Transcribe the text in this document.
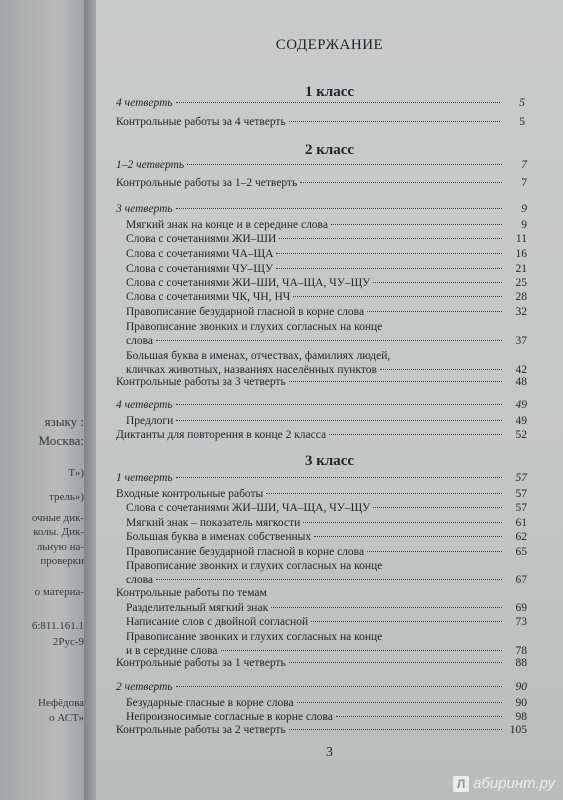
языку :
Москва:
Т»)
трель»)
очные дик-
колы. Дик-
льную на-
проверки
о материа-
6:811.161.1
2Рус-9
Нефёдова
о АСТ»
СОДЕРЖАНИЕ
1 класс
4 четверть	5
Контрольные работы за 4 четверть	5
2 класс
1–2 четверть	7
Контрольные работы за 1–2 четверть	7
3 четверть	9
Мягкий знак на конце и в середине слова	9
Слова с сочетаниями ЖИ–ШИ	11
Слова с сочетаниями ЧА–ЩА	16
Слова с сочетаниями ЧУ–ЩУ	21
Слова с сочетаниями ЖИ–ШИ, ЧА–ЩА, ЧУ–ЩУ	25
Слова с сочетаниями ЧК, ЧН, НЧ	28
Правописание безударной гласной в корне слова	32
Правописание звонких и глухих согласных на конце
слова	37
Большая буква в именах, отчествах, фамилиях людей,
кличках животных, названиях населённых пунктов	42
Контрольные работы за 3 четверть	48
4 четверть	49
Предлоги	49
Диктанты для повторения в конце 2 класса	52
3 класс
1 четверть	57
Входные контрольные работы	57
Слова с сочетаниями ЖИ–ШИ, ЧА–ЩА, ЧУ–ЩУ	57
Мягкий знак – показатель мягкости	61
Большая буква в именах собственных	62
Правописание безударной гласной в корне слова	65
Правописание звонких и глухих согласных на конце
слова	67
Контрольные работы по темам
Разделительный мягкий знак	69
Написание слов с двойной согласной	73
Правописание звонких и глухих согласных на конце
и в середине слова	78
Контрольные работы за 1 четверть	88
2 четверть	90
Безударные гласные в корне слова	90
Непроизносимые согласные в корне слова	98
Контрольные работы за 2 четверть	105
3
Л абиринт.ру
